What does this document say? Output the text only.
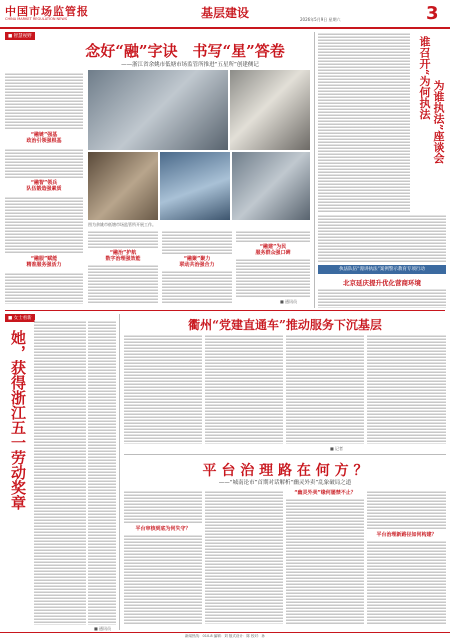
中国市场监管报
CHINA MARKET REGULATION NEWS	基层建设	2026年5月9日 星期六	3
■ 智慧视野
念好“融”字诀　书写“星”答卷
——浙江省余姚市低塘市场监管所推进“五星所”创建侧记
“融链”强基
政治引领强根基
“融智”领兵
队伍锻造强素质
“融服”赋能
精准服务强活力
图为余姚市低塘市场监管所开展工作。
“融治”护航
数字治理强效能	“融聚”聚力
联动共治强合力
“融建”为民
服务群众强口碑
■ 通讯员
谁召开“为何执法
为谁执法”座谈会
执法队伍“漫讲执法”案例警示教育专项行动
北京延庆提升优化营商环境
■ 女士看新
她，获得浙江五一劳动奖章
■ 通讯员
衢州“党建直通车”推动服务下沉基层
■ 记者
平 台 治 理 路 在 何 方 ？
——“城南论市”首期对话解析“幽灵外卖”乱象破局之道
平台审核到底为何失守？
“幽灵外卖”缘何屡禁不止？
平台治理新路径如何构建？
新闻热线：010-8 编辑：刘 版式设计：陈 校对：孙
